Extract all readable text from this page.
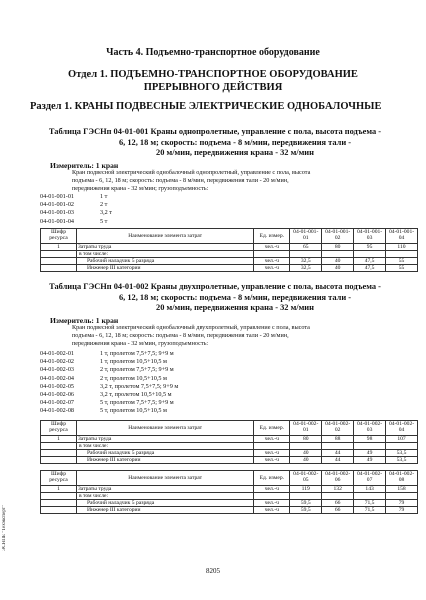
Часть 4. Подъемно-транспортное оборудование
Отдел 1. ПОДЪЕМНО-ТРАНСПОРТНОЕ ОБОРУДОВАНИЕ
ПРЕРЫВНОГО ДЕЙСТВИЯ
Раздел 1. КРАНЫ ПОДВЕСНЫЕ ЭЛЕКТРИЧЕСКИЕ ОДНОБАЛОЧНЫЕ
Таблица ГЭСНп 04-01-001 Краны однопролетные, управление с пола, высота подъема -
6, 12, 18 м; скорость: подъема - 8 м/мин, передвижения тали -
20 м/мин, передвижения крана - 32 м/мин
Измеритель: 1 кран
Кран подвесной электрический однобалочный однопролетный, управление с пола, высота
подъема - 6, 12, 18 м; скорость: подъема - 8 м/мин, передвижения тали - 20 м/мин,
передвижения крана - 32 м/мин; грузоподъемность:
04-01-001-01	1 т
04-01-001-02	2 т
04-01-001-03	3,2 т
04-01-001-04	5 т
Шифр ресурса	Наименование элемента затрат	Ед. измер.	04-01-001-01	04-01-001-02	04-01-001-03	04-01-001-04
1	Затраты труда	чел.-ч	65	80	95	110
	в том числе:					
	Рабочий наладчик 5 разряда	чел.-ч	32,5	40	47,5	55
	Инженер III категории	чел.-ч	32,5	40	47,5	55
Таблица ГЭСНп 04-01-002 Краны двухпролетные, управление с пола, высота подъема -
6, 12, 18 м; скорость: подъема - 8 м/мин, передвижения тали -
20 м/мин, передвижения крана - 32 м/мин
Измеритель: 1 кран
Кран подвесной электрический однобалочный двухпролетный, управление с пола, высота
подъема - 6, 12, 18 м; скорость: подъема - 8 м/мин, передвижения тали - 20 м/мин,
передвижения крана - 32 м/мин, грузоподъемность:
04-01-002-01	1 т, пролетом 7,5+7,5; 9+9 м
04-01-002-02	1 т, пролетом 10,5+10,5 м
04-01-002-03	2 т, пролетом 7,5+7,5; 9+9 м
04-01-002-04	2 т, пролетом 10,5+10,5 м
04-01-002-05	3,2 т, пролетом 7,5+7,5; 9+9 м
04-01-002-06	3,2 т, пролетом 10,5+10,5 м
04-01-002-07	5 т, пролетом 7,5+7,5; 9+9 м
04-01-002-08	5 т, пролетом 10,5+10,5 м
Шифр ресурса	Наименование элемента затрат	Ед. измер.	04-01-002-01	04-01-002-02	04-01-002-03	04-01-002-04
1	Затраты труда	чел.-ч	80	88	98	107
	в том числе:					
	Рабочий наладчик 5 разряда	чел.-ч	40	44	49	53,5
	Инженер III категории	чел.-ч	40	44	49	53,5
Шифр ресурса	Наименование элемента затрат	Ед. измер.	04-01-002-05	04-01-002-06	04-01-002-07	04-01-002-08
1	Затраты труда	чел.-ч	119	132	143	158
	в том числе:					
	Рабочий наладчик 5 разряда	чел.-ч	59,5	66	71,5	79
	Инженер III категории	чел.-ч	59,5	66	71,5	79
ЭСНПЕ "Техэксперт"
8205
